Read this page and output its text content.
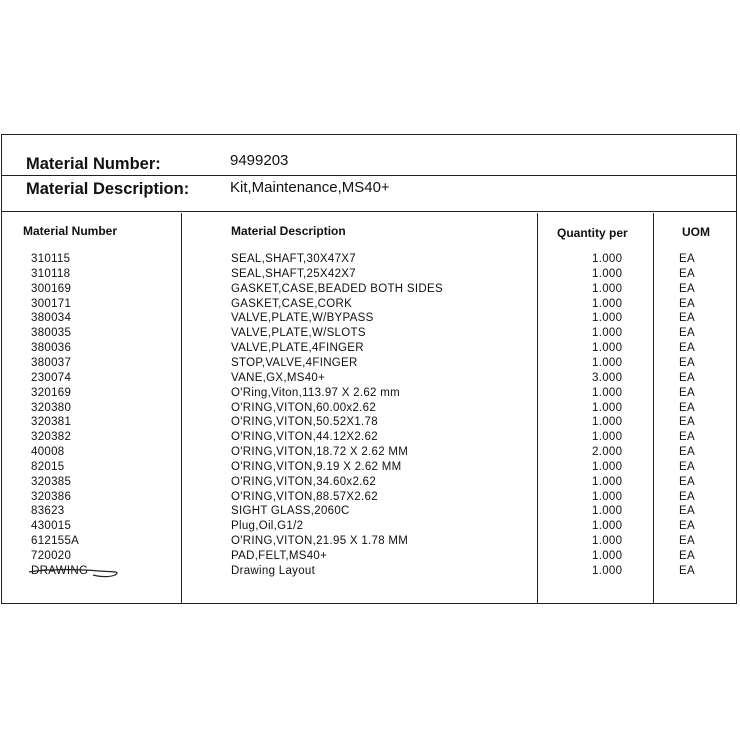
Material Number:	9499203
Material Description:	Kit,Maintenance,MS40+
Material Number	Material Description	Quantity per	UOM
310115	SEAL,SHAFT,30X47X7	1.000	EA
310118	SEAL,SHAFT,25X42X7	1.000	EA
300169	GASKET,CASE,BEADED BOTH SIDES	1.000	EA
300171	GASKET,CASE,CORK	1.000	EA
380034	VALVE,PLATE,W/BYPASS	1.000	EA
380035	VALVE,PLATE,W/SLOTS	1.000	EA
380036	VALVE,PLATE,4FINGER	1.000	EA
380037	STOP,VALVE,4FINGER	1.000	EA
230074	VANE,GX,MS40+	3.000	EA
320169	O'Ring,Viton,113.97 X 2.62 mm	1.000	EA
320380	O'RING,VITON,60.00x2.62	1.000	EA
320381	O'RING,VITON,50.52X1.78	1.000	EA
320382	O'RING,VITON,44.12X2.62	1.000	EA
40008	O'RING,VITON,18.72 X 2.62 MM	2.000	EA
82015	O'RING,VITON,9.19 X 2.62 MM	1.000	EA
320385	O'RING,VITON,34.60x2.62	1.000	EA
320386	O'RING,VITON,88.57X2.62	1.000	EA
83623	SIGHT GLASS,2060C	1.000	EA
430015	Plug,Oil,G1/2	1.000	EA
612155A	O'RING,VITON,21.95 X 1.78 MM	1.000	EA
720020	PAD,FELT,MS40+	1.000	EA
DRAWING	Drawing Layout	1.000	EA
